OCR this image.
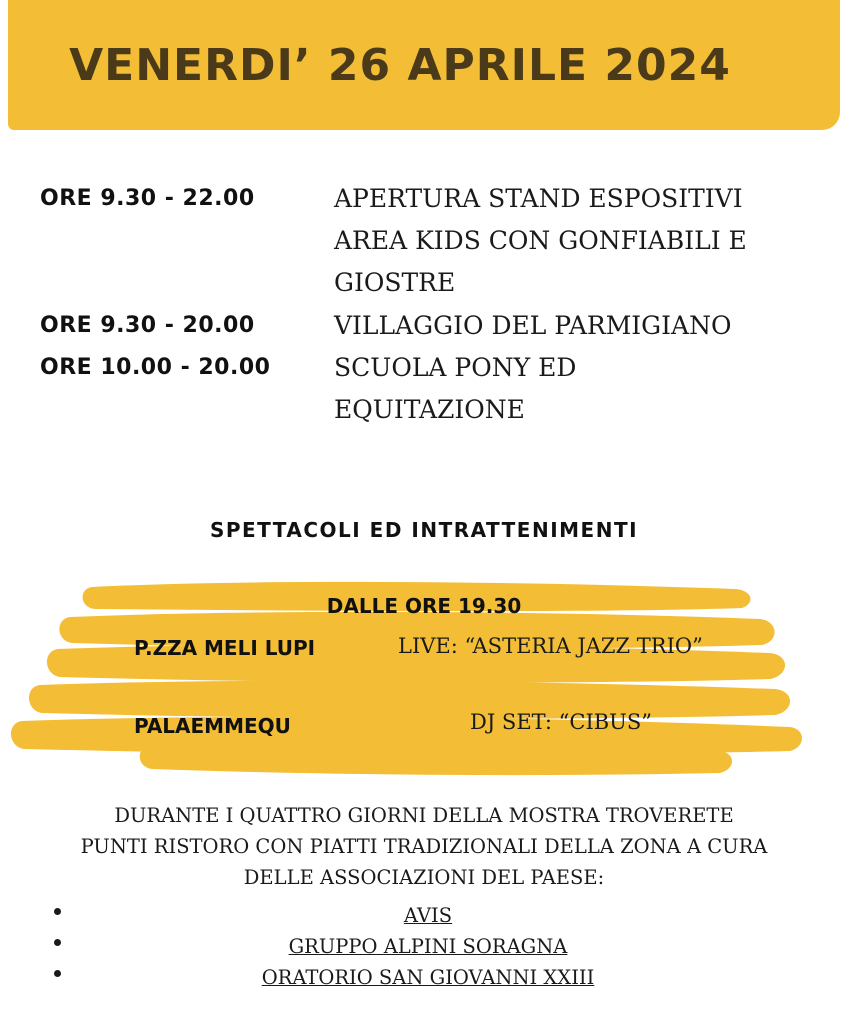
VENERDI’ 26 APRILE 2024
ORE 9.30 - 22.00	APERTURA STAND ESPOSITIVI
AREA KIDS CON GONFIABILI E
GIOSTRE
ORE 9.30 - 20.00	VILLAGGIO DEL PARMIGIANO
ORE 10.00 - 20.00	SCUOLA PONY ED
EQUITAZIONE
SPETTACOLI ED INTRATTENIMENTI
DALLE ORE 19.30
P.ZZA MELI LUPI	LIVE: “ASTERIA JAZZ TRIO”
PALAEMMEQU	DJ SET: “CIBUS”
DURANTE I QUATTRO GIORNI DELLA MOSTRA TROVERETE
PUNTI RISTORO CON PIATTI TRADIZIONALI DELLA ZONA A CURA
DELLE ASSOCIAZIONI DEL PAESE:
AVIS
GRUPPO ALPINI SORAGNA
ORATORIO SAN GIOVANNI XXIII
